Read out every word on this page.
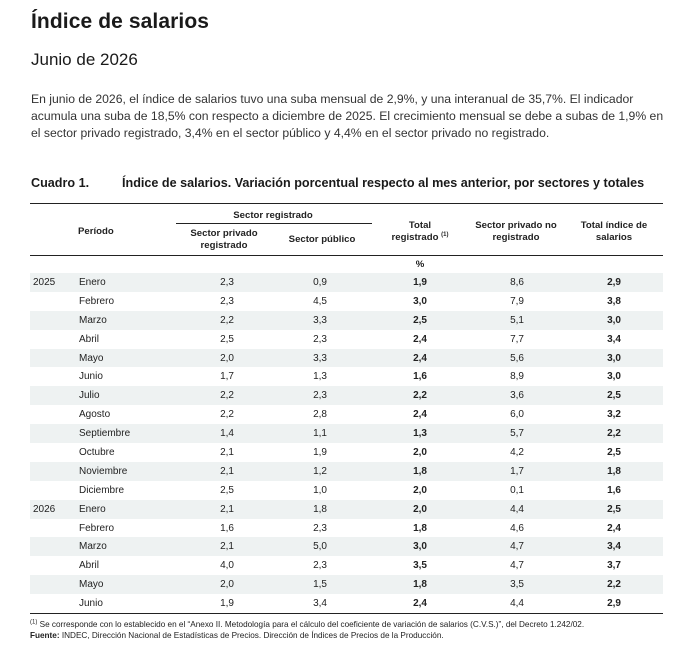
Índice de salarios
Junio de 2026
En junio de 2026, el índice de salarios tuvo una suba mensual de 2,9%, y una interanual de 35,7%. El indicador acumula una suba de 18,5% con respecto a diciembre de 2025. El crecimiento mensual se debe a subas de 1,9% en el sector privado registrado, 3,4% en el sector público y 4,4% en el sector privado no registrado.
Cuadro 1.	Índice de salarios. Variación porcentual respecto al mes anterior, por sectores y totales
Período
Sector registrado
Sector privado registrado
Sector público
Total registrado $^{(1)}$
Sector privado no registrado
Total índice de salarios
%
2025 Enero	2,3	0,9	1,9	8,6	2,9
Febrero	2,3	4,5	3,0	7,9	3,8
Marzo	2,2	3,3	2,5	5,1	3,0
Abril	2,5	2,3	2,4	7,7	3,4
Mayo	2,0	3,3	2,4	5,6	3,0
Junio	1,7	1,3	1,6	8,9	3,0
Julio	2,2	2,3	2,2	3,6	2,5
Agosto	2,2	2,8	2,4	6,0	3,2
Septiembre	1,4	1,1	1,3	5,7	2,2
Octubre	2,1	1,9	2,0	4,2	2,5
Noviembre	2,1	1,2	1,8	1,7	1,8
Diciembre	2,5	1,0	2,0	0,1	1,6
2026 Enero	2,1	1,8	2,0	4,4	2,5
Febrero	1,6	2,3	1,8	4,6	2,4
Marzo	2,1	5,0	3,0	4,7	3,4
Abril	4,0	2,3	3,5	4,7	3,7
Mayo	2,0	1,5	1,8	3,5	2,2
Junio	1,9	3,4	2,4	4,4	2,9
$^{(1)}$ Se corresponde con lo establecido en el “Anexo II. Metodología para el cálculo del coeficiente de variación de salarios (C.V.S.)”, del Decreto 1.242/02.
Fuente: INDEC, Dirección Nacional de Estadísticas de Precios. Dirección de Índices de Precios de la Producción.
